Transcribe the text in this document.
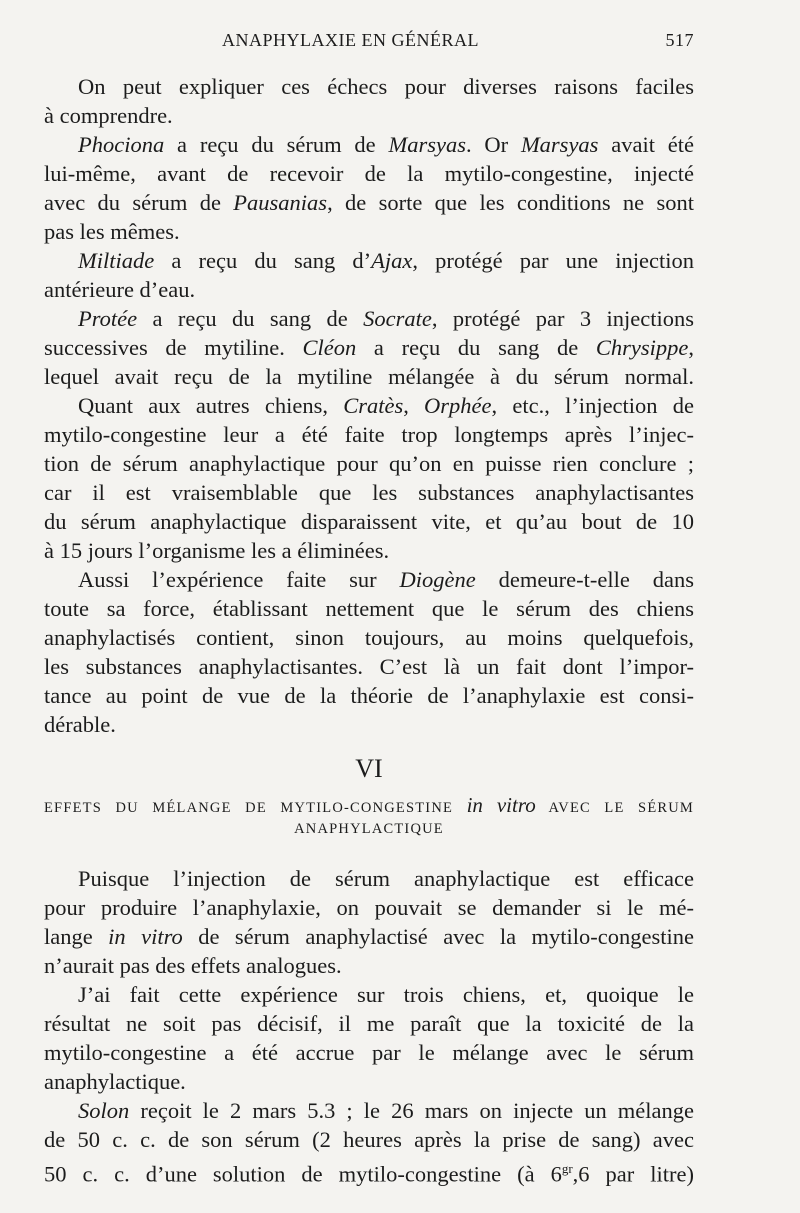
ANAPHYLAXIE EN GÉNÉRAL	517
On peut expliquer ces échecs pour diverses raisons faciles
à comprendre.
Phociona a reçu du sérum de Marsyas. Or Marsyas avait été
lui-même, avant de recevoir de la mytilo-congestine, injecté
avec du sérum de Pausanias, de sorte que les conditions ne sont
pas les mêmes.
Miltiade a reçu du sang d’Ajax, protégé par une injection
antérieure d’eau.
Protée a reçu du sang de Socrate, protégé par 3 injections
successives de mytiline. Cléon a reçu du sang de Chrysippe,
lequel avait reçu de la mytiline mélangée à du sérum normal.
Quant aux autres chiens, Cratès, Orphée, etc., l’injection de
mytilo-congestine leur a été faite trop longtemps après l’injec-
tion de sérum anaphylactique pour qu’on en puisse rien conclure ;
car il est vraisemblable que les substances anaphylactisantes
du sérum anaphylactique disparaissent vite, et qu’au bout de 10
à 15 jours l’organisme les a éliminées.
Aussi l’expérience faite sur Diogène demeure-t-elle dans
toute sa force, établissant nettement que le sérum des chiens
anaphylactisés contient, sinon toujours, au moins quelquefois,
les substances anaphylactisantes. C’est là un fait dont l’impor-
tance au point de vue de la théorie de l’anaphylaxie est consi-
dérable.
VI
EFFETS DU MÉLANGE DE MYTILO-CONGESTINE in vitro AVEC LE SÉRUM
ANAPHYLACTIQUE
Puisque l’injection de sérum anaphylactique est efficace
pour produire l’anaphylaxie, on pouvait se demander si le mé-
lange in vitro de sérum anaphylactisé avec la mytilo-congestine
n’aurait pas des effets analogues.
J’ai fait cette expérience sur trois chiens, et, quoique le
résultat ne soit pas décisif, il me paraît que la toxicité de la
mytilo-congestine a été accrue par le mélange avec le sérum
anaphylactique.
Solon reçoit le 2 mars 5.3 ; le 26 mars on injecte un mélange
de 50 c. c. de son sérum (2 heures après la prise de sang) avec
50 c. c. d’une solution de mytilo-congestine (à $6^{gr},6$ par litre)
